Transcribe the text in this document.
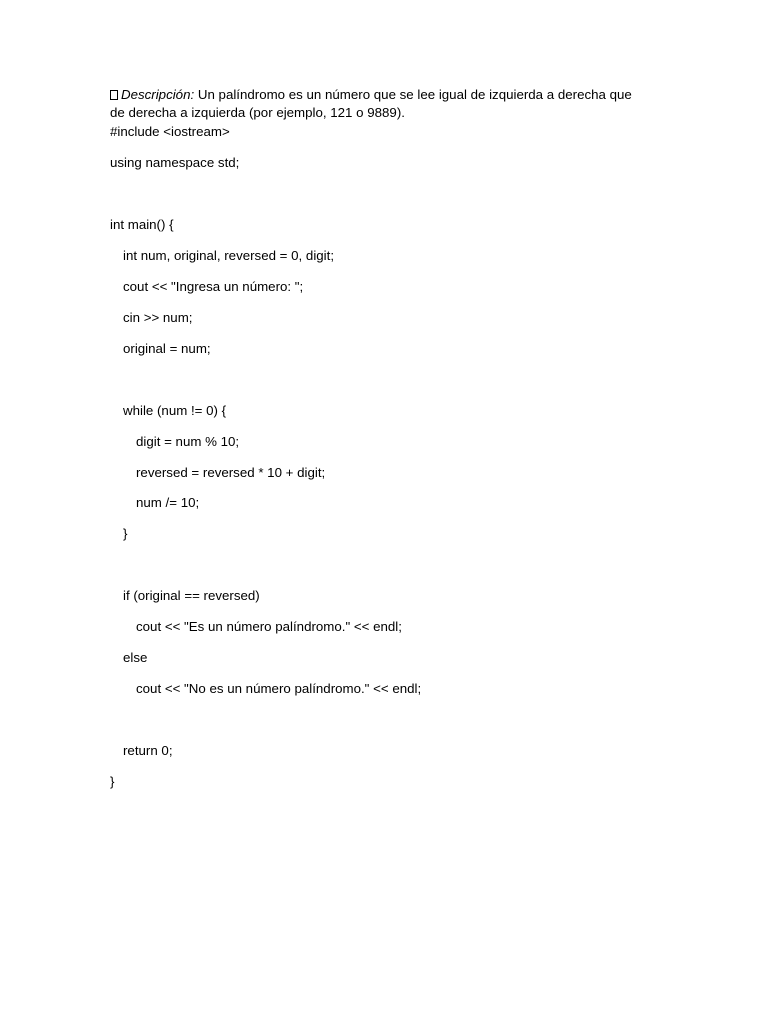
Descripción: Un palíndromo es un número que se lee igual de izquierda a derecha que de derecha a izquierda (por ejemplo, 121 o 9889).
#include <iostream>
using namespace std;
int main() {
int num, original, reversed = 0, digit;
cout << "Ingresa un número: ";
cin >> num;
original = num;
while (num != 0) {
digit = num % 10;
reversed = reversed * 10 + digit;
num /= 10;
}
if (original == reversed)
cout << "Es un número palíndromo." << endl;
else
cout << "No es un número palíndromo." << endl;
return 0;
}
